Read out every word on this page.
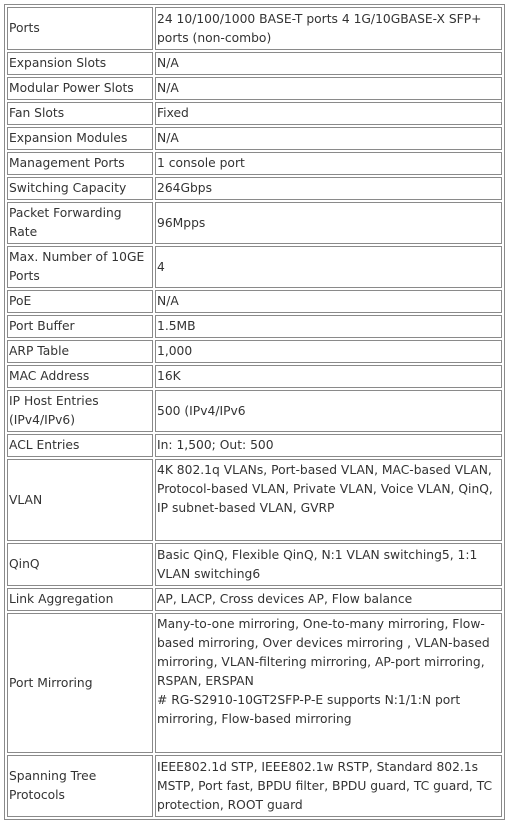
Ports	24 10/100/1000 BASE-T ports 4 1G/10GBASE-X SFP+ ports (non-combo)
Expansion Slots	N/A
Modular Power Slots	N/A
Fan Slots	Fixed
Expansion Modules	N/A
Management Ports	1 console port
Switching Capacity	264Gbps
Packet Forwarding Rate	96Mpps
Max. Number of 10GE Ports	4
PoE	N/A
Port Buffer	1.5MB
ARP Table	1,000
MAC Address	16K
IP Host Entries (IPv4/IPv6)	500 (IPv4/IPv6
ACL Entries	In: 1,500; Out: 500
VLAN	4K 802.1q VLANs, Port-based VLAN, MAC-based VLAN, Protocol-based VLAN, Private VLAN, Voice VLAN, QinQ, IP subnet-based VLAN, GVRP
QinQ	Basic QinQ, Flexible QinQ, N:1 VLAN switching5, 1:1 VLAN switching6
Link Aggregation	AP, LACP, Cross devices AP, Flow balance
Port Mirroring	Many-to-one mirroring, One-to-many mirroring, Flow-based mirroring, Over devices mirroring , VLAN-based mirroring, VLAN-filtering mirroring, AP-port mirroring, RSPAN, ERSPAN
# RG-S2910-10GT2SFP-P-E supports N:1/1:N port mirroring, Flow-based mirroring

Spanning Tree Protocols	IEEE802.1d STP, IEEE802.1w RSTP, Standard 802.1s MSTP, Port fast, BPDU filter, BPDU guard, TC guard, TC protection, ROOT guard
